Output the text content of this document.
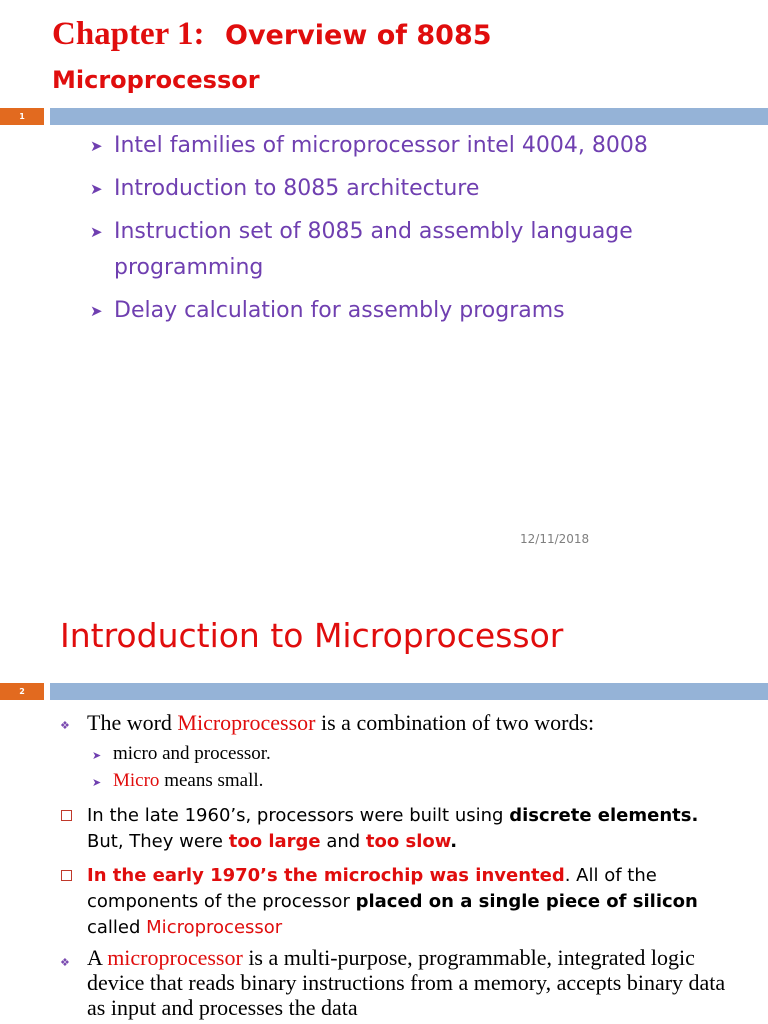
Chapter 1: Overview of 8085
Microprocessor
1
➤ Intel families of microprocessor intel 4004, 8008
➤ Introduction to 8085 architecture
➤ Instruction set of 8085 and assembly language programming
➤ Delay calculation for assembly programs
12/11/2018
Introduction to Microprocessor
2
❖ The word Microprocessor is a combination of two words:
➤ micro and processor.
➤ Micro means small.
In the late 1960’s, processors were built using discrete elements. But, They were too large and too slow.
In the early 1970’s the microchip was invented. All of the components of the processor placed on a single piece of silicon called Microprocessor
❖ A microprocessor is a multi-purpose, programmable, integrated logic device that reads binary instructions from a memory, accepts binary data as input and processes the data
